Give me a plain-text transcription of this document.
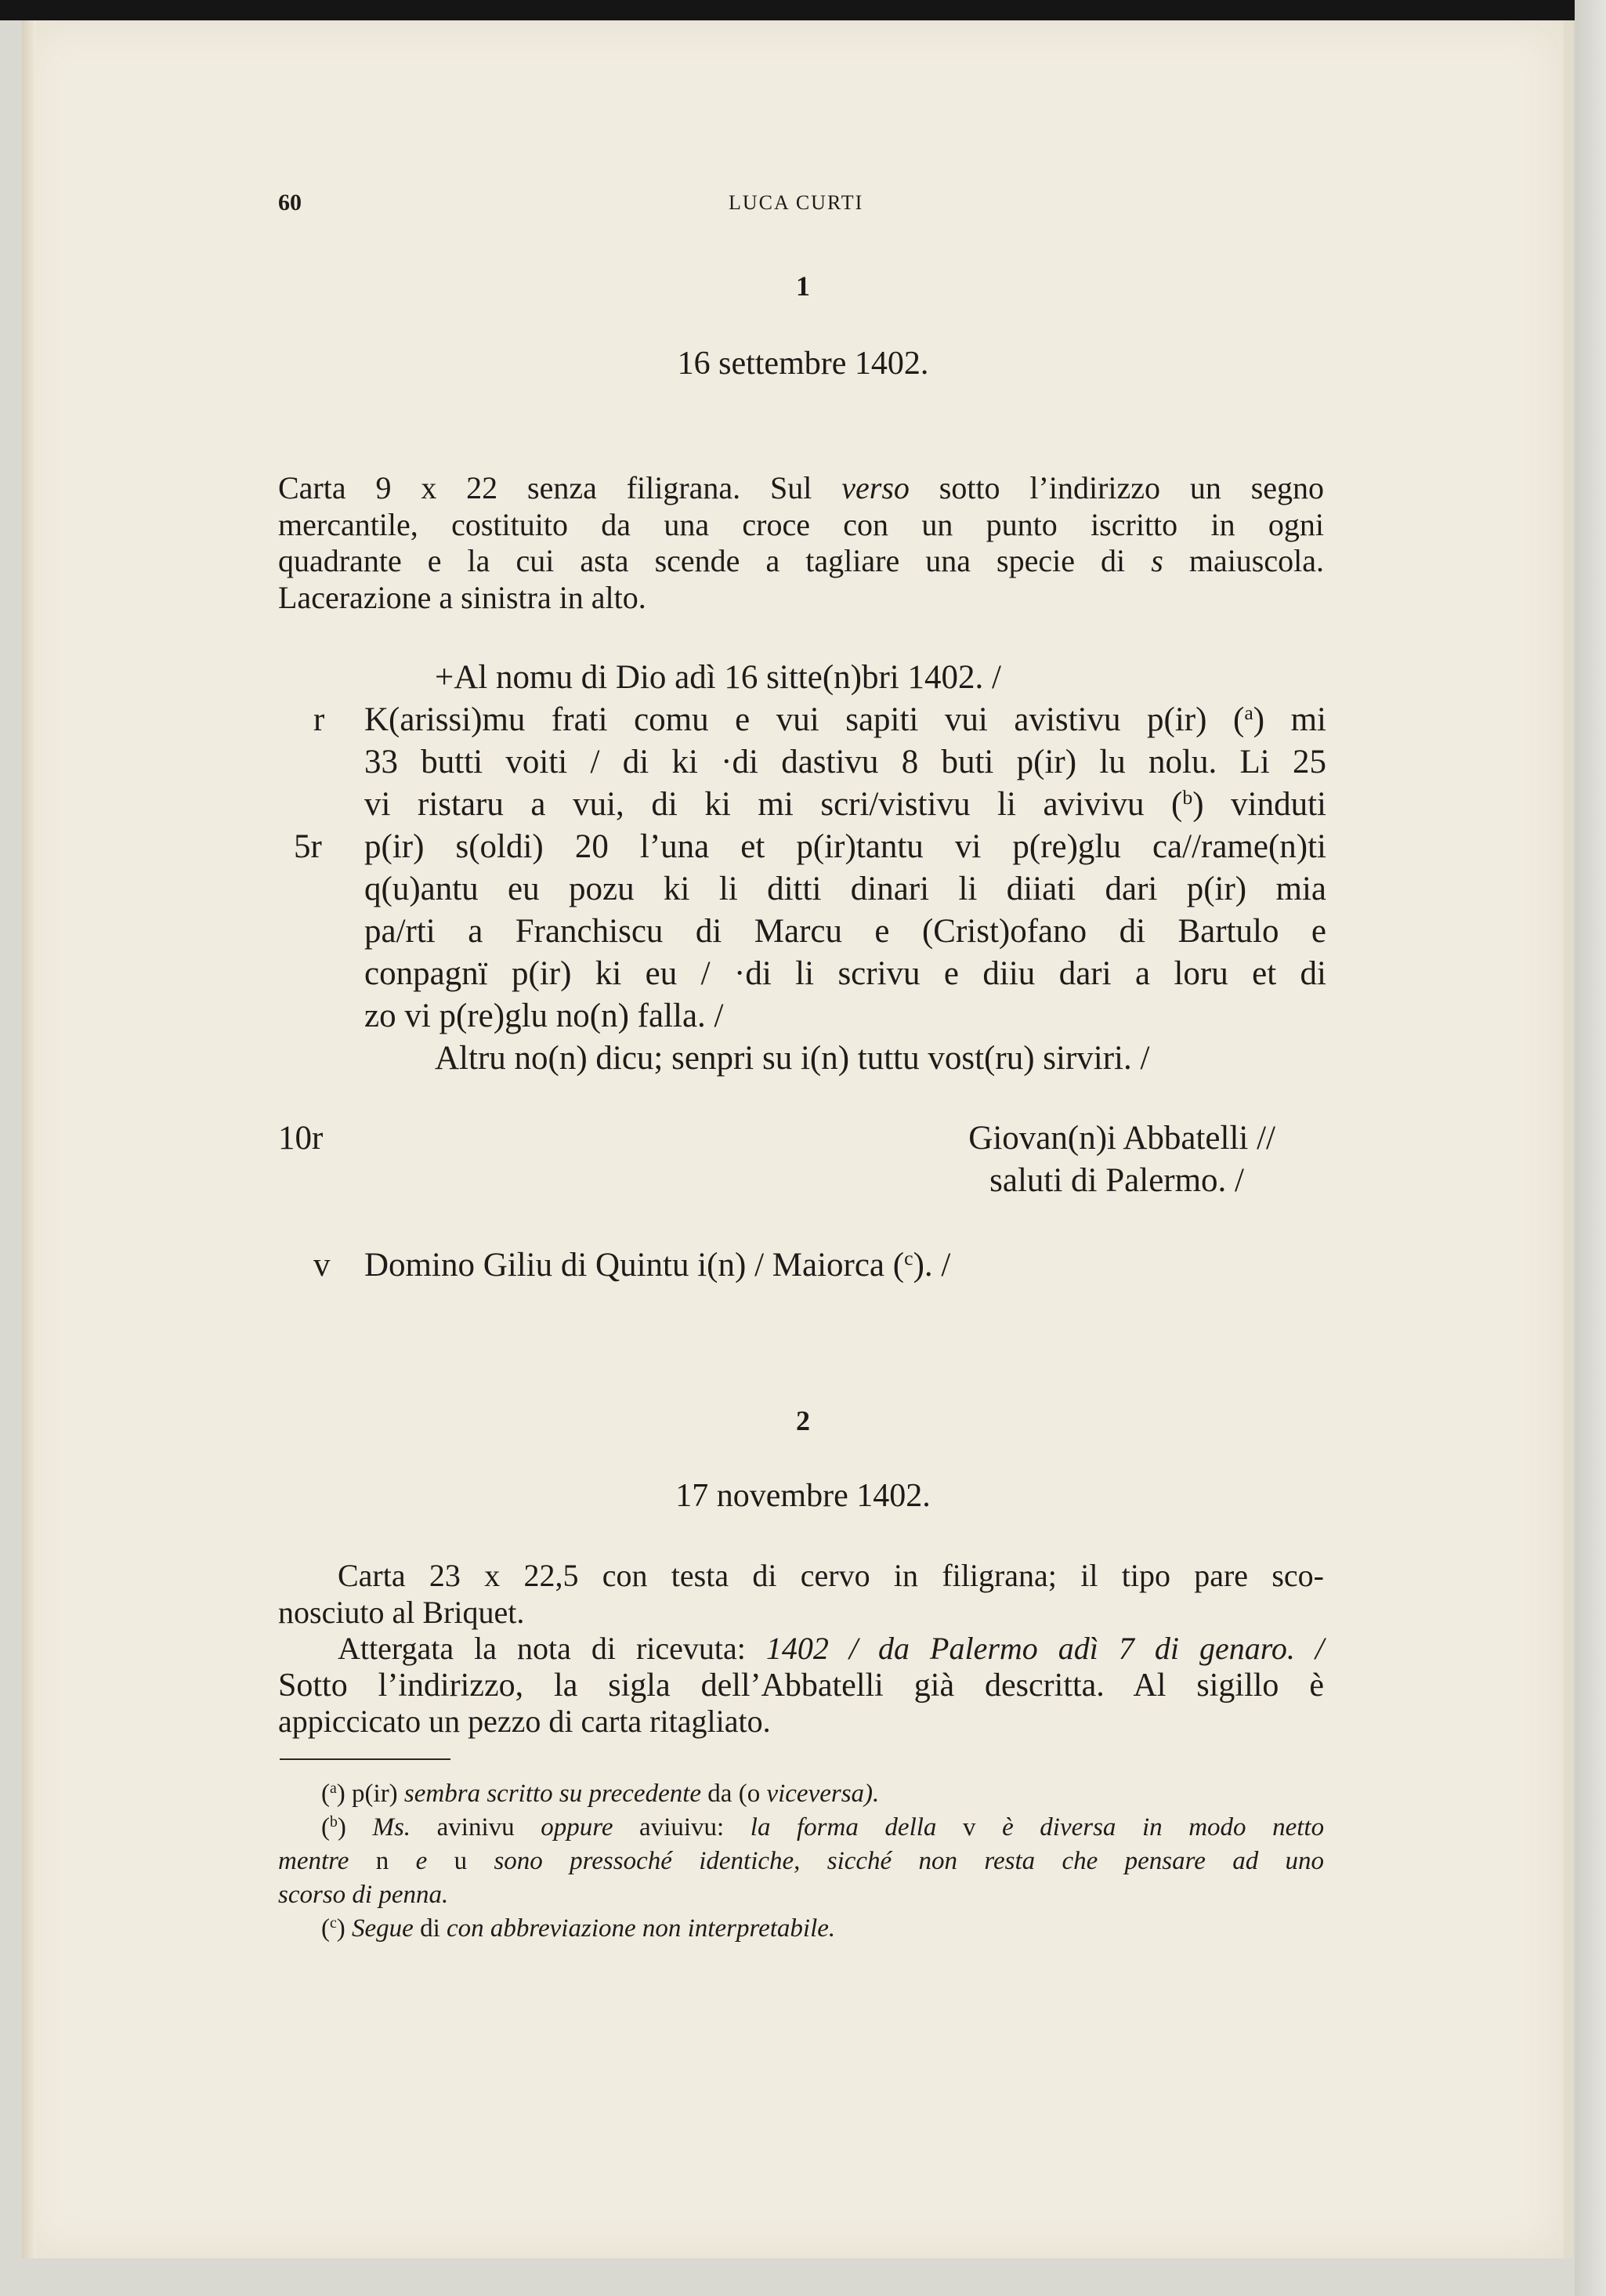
60	LUCA CURTI
1
16 settembre 1402.
Carta 9 x 22 senza filigrana. Sul verso sotto l’indirizzo un segno
mercantile, costituito da una croce con un punto iscritto in ogni
quadrante e la cui asta scende a tagliare una specie di s maiuscola.
Lacerazione a sinistra in alto.
+Al nomu di Dio adì 16 sitte(n)bri 1402. /
K(arissi)mu frati comu e vui sapiti vui avistivu p(ir) ($^a$) mi
33 butti voiti / di ki ·di dastivu 8 buti p(ir) lu nolu. Li 25
vi ristaru a vui, di ki mi scri/vistivu li avivivu ($^b$) vinduti
p(ir) s(oldi) 20 l’una et p(ir)tantu vi p(re)glu ca//rame(n)ti
q(u)antu eu pozu ki li ditti dinari li diiati dari p(ir) mia
pa/rti a Franchiscu di Marcu e (Crist)ofano di Bartulo e
conpagnï p(ir) ki eu / ·di li scrivu e diiu dari a loru et di
zo vi p(re)glu no(n) falla. /
Altru no(n) dicu; senpri su i(n) tuttu vost(ru) sirviri. /
r
5r
10r
v
Giovan(n)i Abbatelli //
saluti di Palermo. /
Domino Giliu di Quintu i(n) / Maiorca ($^c$). /
2
17 novembre 1402.
Carta 23 x 22,5 con testa di cervo in filigrana; il tipo pare sco-
nosciuto al Briquet.
Attergata la nota di ricevuta: 1402 / da Palermo adì 7 di genaro. /
Sotto l’indirizzo, la sigla dell’Abbatelli già descritta. Al sigillo è
appiccicato un pezzo di carta ritagliato.
($^a$) p(ir) sembra scritto su precedente da (o viceversa).
($^b$) Ms. avinivu oppure aviuivu: la forma della v è diversa in modo netto
mentre n e u sono pressoché identiche, sicché non resta che pensare ad uno
scorso di penna.
($^c$) Segue di con abbreviazione non interpretabile.
